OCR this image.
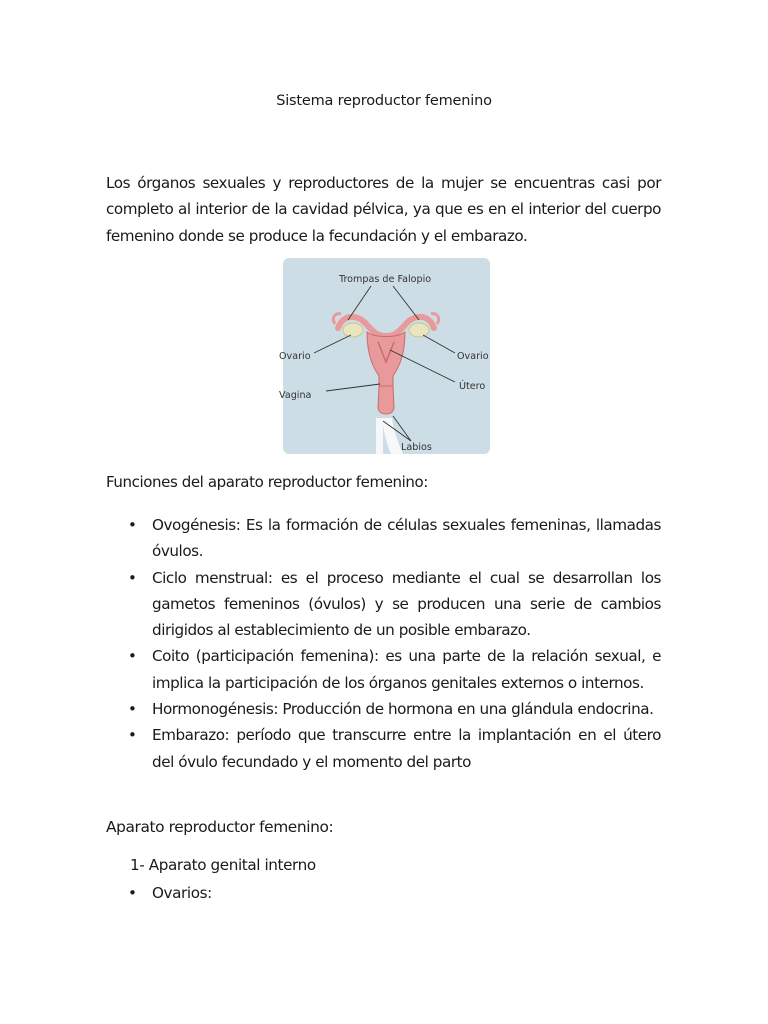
Sistema reproductor femenino

Los órganos sexuales y reproductores de la mujer se encuentras casi por completo al interior de la cavidad pélvica, ya que es en el interior del cuerpo femenino donde se produce la fecundación y el embarazo.

Trompas de Falopio
Ovario	Ovario
Útero
Vagina
Labios

Funciones del aparato reproductor femenino:

• Ovogénesis: Es la formación de células sexuales femeninas, llamadas óvulos.
• Ciclo menstrual: es el proceso mediante el cual se desarrollan los gametos femeninos (óvulos) y se producen una serie de cambios dirigidos al establecimiento de un posible embarazo.
• Coito (participación femenina): es una parte de la relación sexual, e implica la participación de los órganos genitales externos o internos.
• Hormonogénesis: Producción de hormona en una glándula endocrina.
• Embarazo: período que transcurre entre la implantación en el útero del óvulo fecundado y el momento del parto
Aparato reproductor femenino:

1- Aparato genital interno

• Ovarios:
